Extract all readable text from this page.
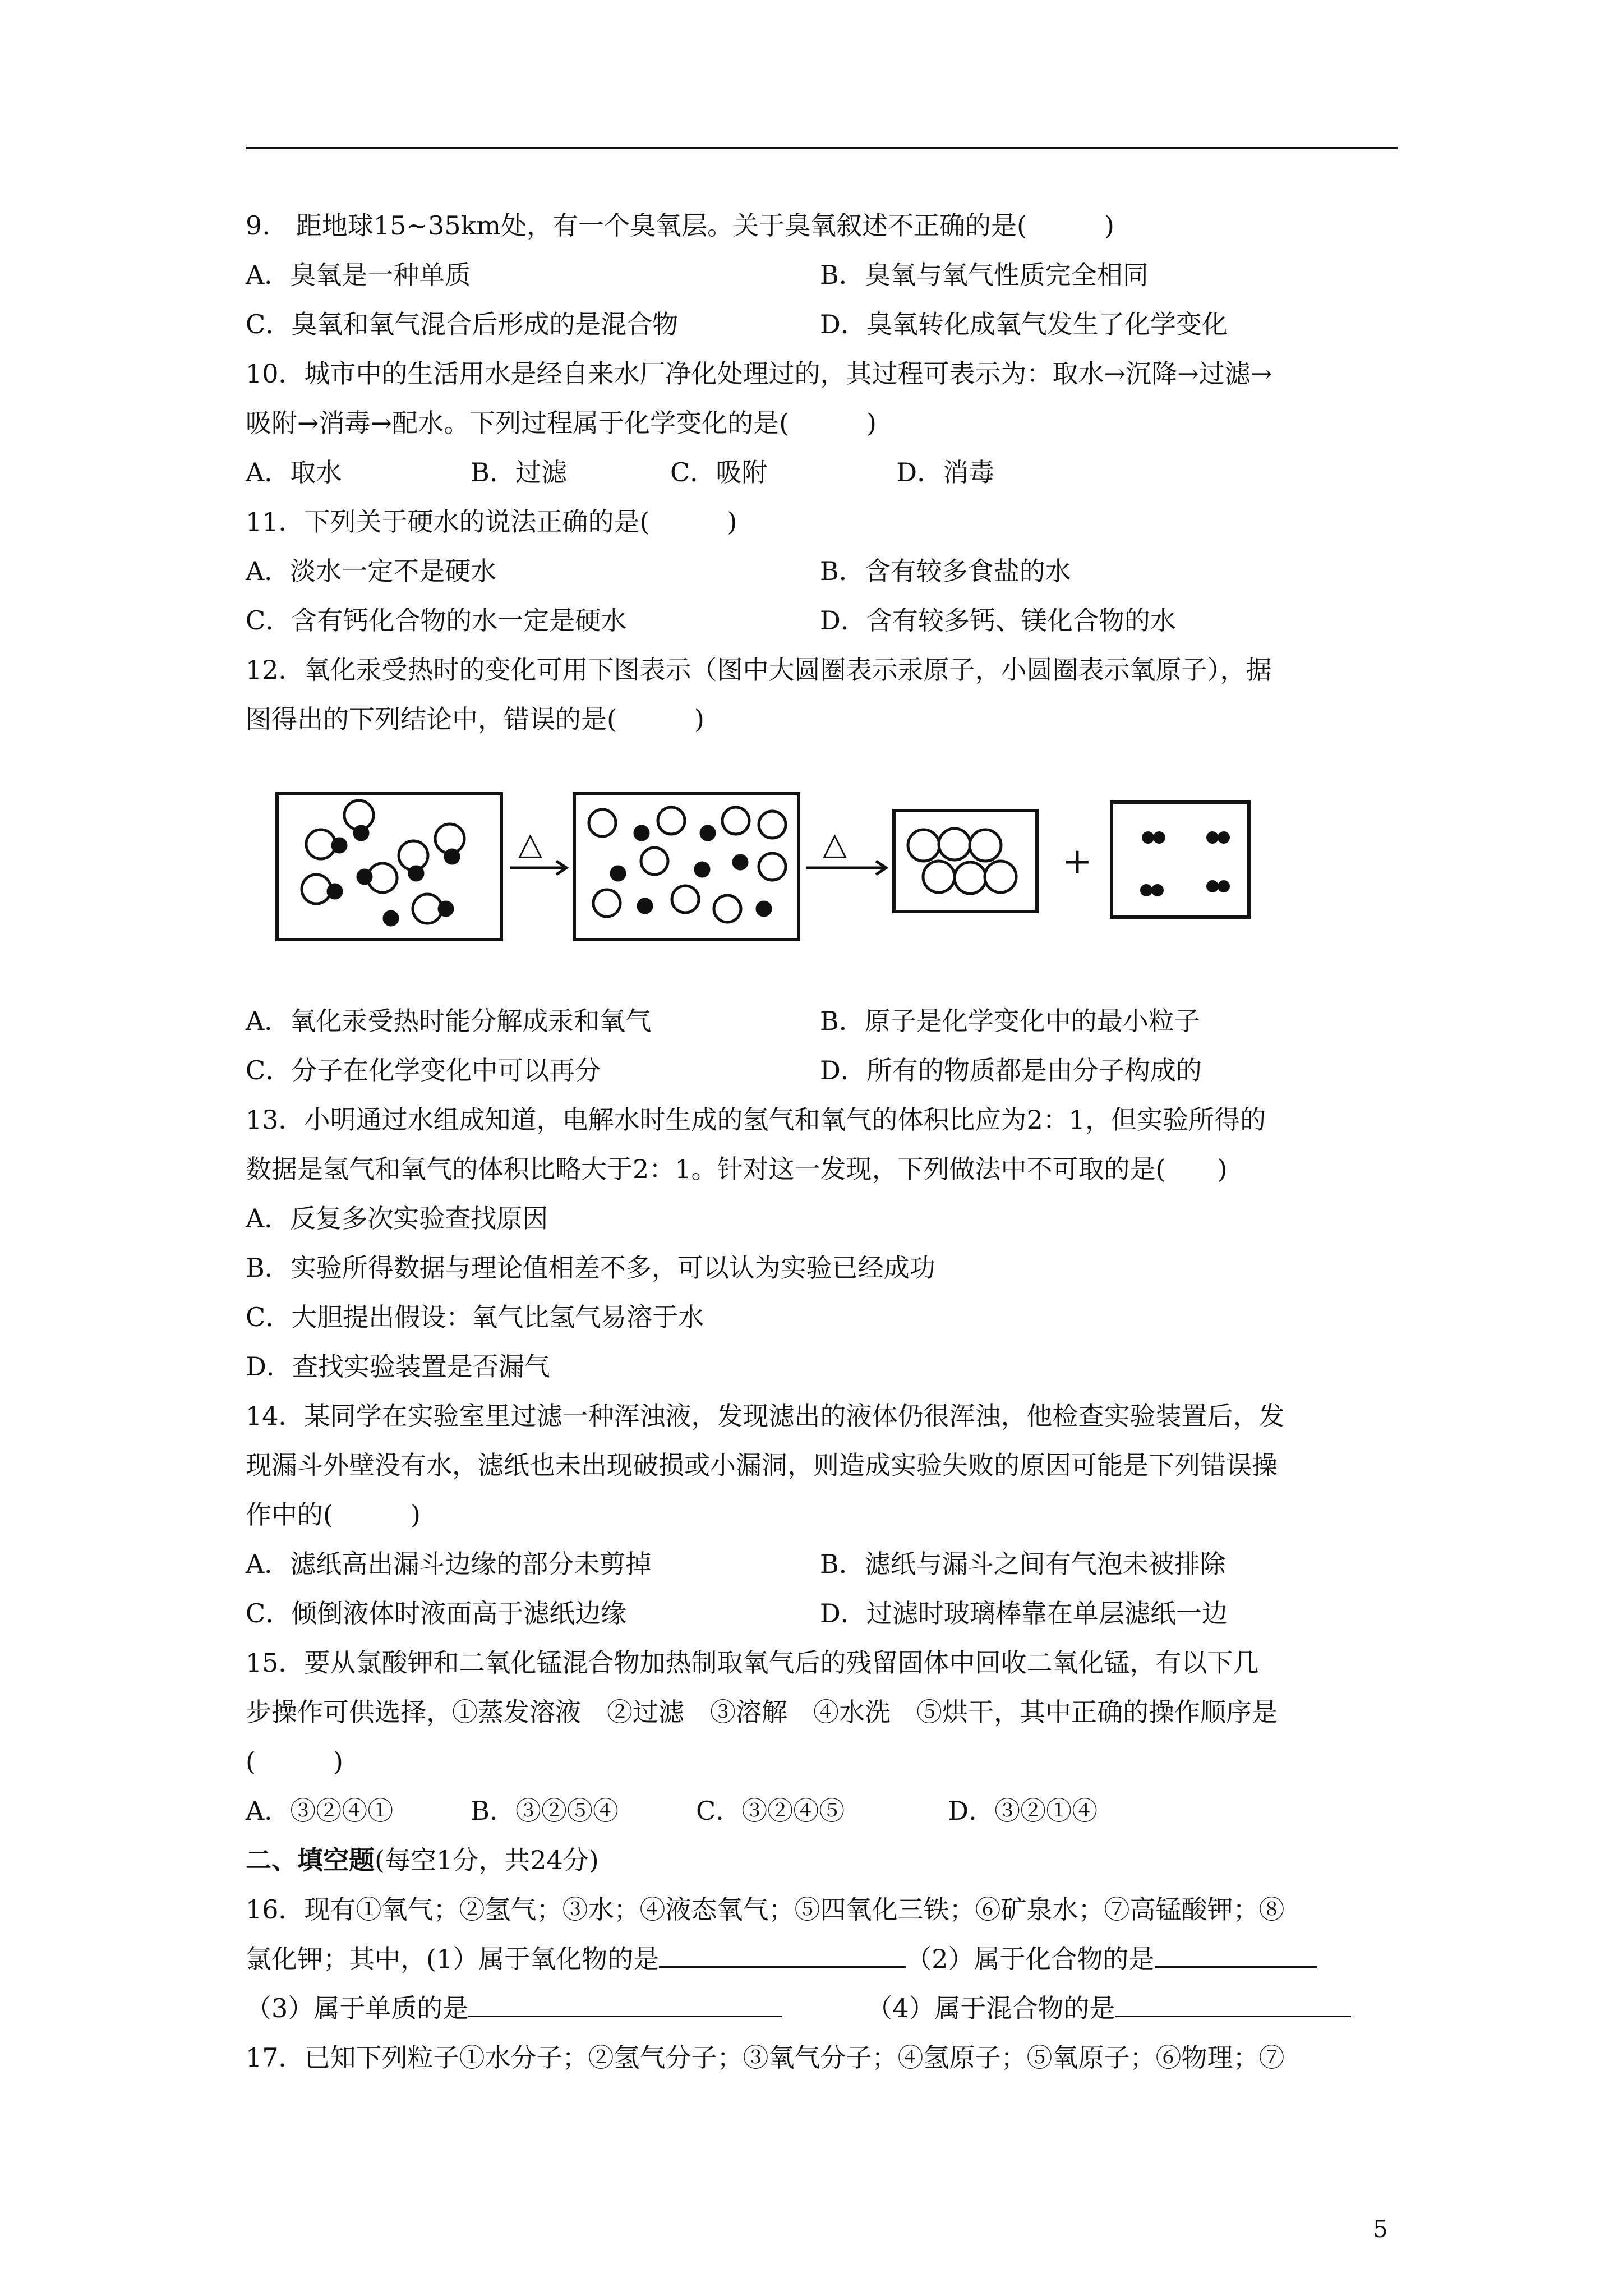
9.　距地球15~35km处，有一个臭氧层。关于臭氧叙述不正确的是(　　　)
A．臭氧是一种单质	B．臭氧与氧气性质完全相同
C．臭氧和氧气混合后形成的是混合物	D．臭氧转化成氧气发生了化学变化
10．城市中的生活用水是经自来水厂净化处理过的，其过程可表示为：取水→沉降→过滤→
吸附→消毒→配水。下列过程属于化学变化的是(　　　)
A．取水　　　　　B．过滤　　　　C．吸附　　　　　D．消毒
11．下列关于硬水的说法正确的是(　　　)
A．淡水一定不是硬水	B．含有较多食盐的水
C．含有钙化合物的水一定是硬水	D．含有较多钙、镁化合物的水
12．氧化汞受热时的变化可用下图表示（图中大圆圈表示汞原子，小圆圈表示氧原子），据
图得出的下列结论中，错误的是(　　　)
△	△	+
A．氧化汞受热时能分解成汞和氧气	B．原子是化学变化中的最小粒子
C．分子在化学变化中可以再分	D．所有的物质都是由分子构成的
13．小明通过水组成知道，电解水时生成的氢气和氧气的体积比应为2：1，但实验所得的
数据是氢气和氧气的体积比略大于2：1。针对这一发现，下列做法中不可取的是(　　)
A．反复多次实验查找原因
B．实验所得数据与理论值相差不多，可以认为实验已经成功
C．大胆提出假设：氧气比氢气易溶于水
D．查找实验装置是否漏气
14．某同学在实验室里过滤一种浑浊液，发现滤出的液体仍很浑浊，他检查实验装置后，发
现漏斗外壁没有水，滤纸也未出现破损或小漏洞，则造成实验失败的原因可能是下列错误操
作中的(　　　)
A．滤纸高出漏斗边缘的部分未剪掉	B．滤纸与漏斗之间有气泡未被排除
C．倾倒液体时液面高于滤纸边缘	D．过滤时玻璃棒靠在单层滤纸一边
15．要从氯酸钾和二氧化锰混合物加热制取氧气后的残留固体中回收二氧化锰，有以下几
步操作可供选择，①蒸发溶液　②过滤　③溶解　④水洗　⑤烘干，其中正确的操作顺序是
(　　　)
A．③②④①　　　B．③②⑤④　　　C．③②④⑤　　　　D．③②①④
二、填空题(每空1分，共24分)
16．现有①氧气；②氢气；③水；④液态氧气；⑤四氧化三铁；⑥矿泉水；⑦高锰酸钾；⑧
氯化钾；其中，(1）属于氧化物的是	（2）属于化合物的是
（3）属于单质的是	（4）属于混合物的是
17．已知下列粒子①水分子；②氢气分子；③氧气分子；④氢原子；⑤氧原子；⑥物理；⑦
5
